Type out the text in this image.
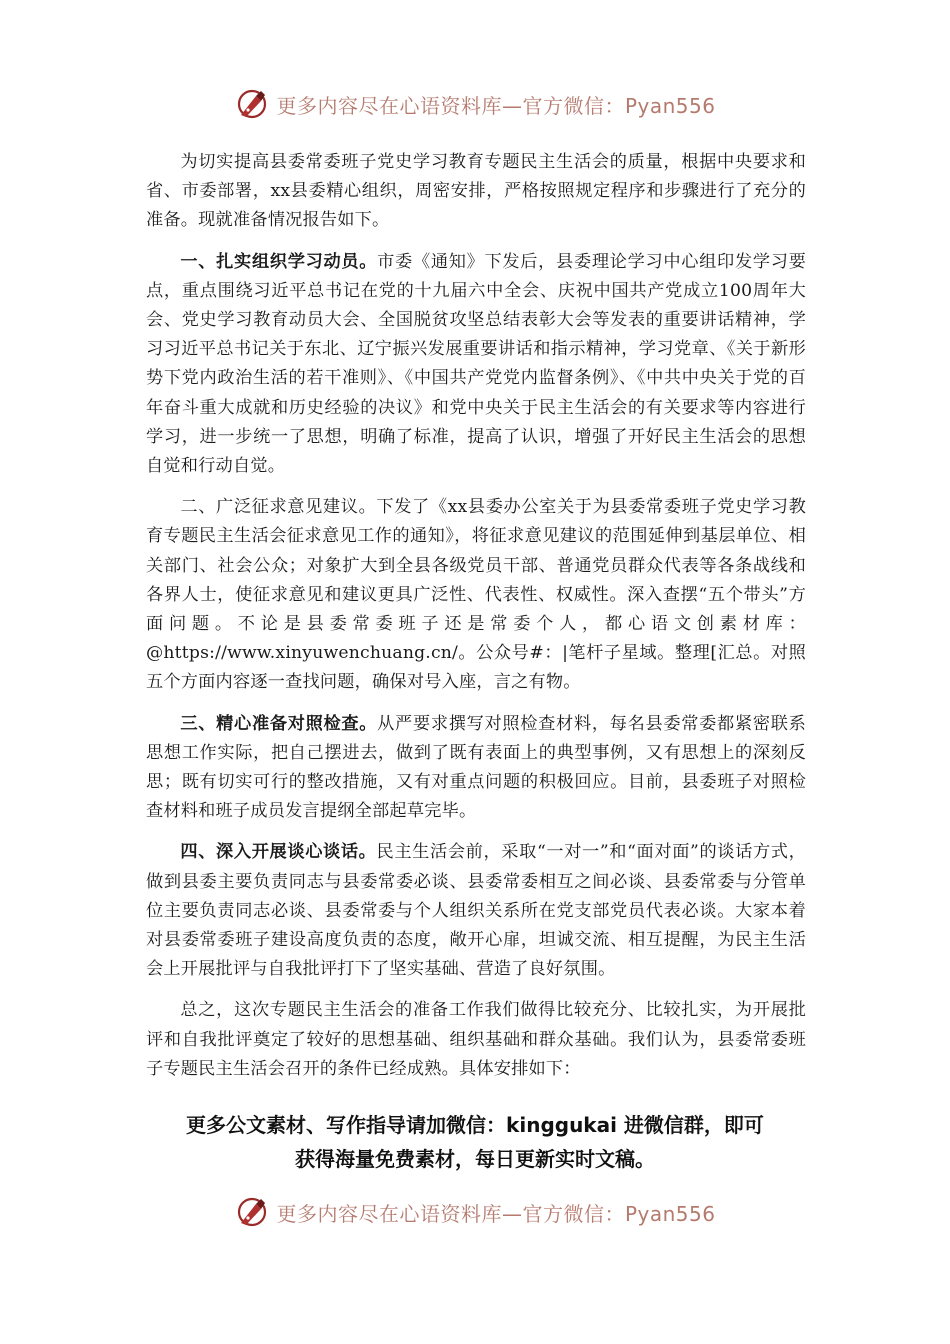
更多内容尽在心语资料库—官方微信：Pyan556

为切实提高县委常委班子党史学习教育专题民主生活会的质量，根据中央要求和省、市委部署，xx县委精心组织，周密安排，严格按照规定程序和步骤进行了充分的准备。现就准备情况报告如下。

一、扎实组织学习动员。市委《通知》下发后，县委理论学习中心组印发学习要点，重点围绕习近平总书记在党的十九届六中全会、庆祝中国共产党成立100周年大会、党史学习教育动员大会、全国脱贫攻坚总结表彰大会等发表的重要讲话精神，学习习近平总书记关于东北、辽宁振兴发展重要讲话和指示精神，学习党章、《关于新形势下党内政治生活的若干准则》、《中国共产党党内监督条例》、《中共中央关于党的百年奋斗重大成就和历史经验的决议》和党中央关于民主生活会的有关要求等内容进行学习，进一步统一了思想，明确了标准，提高了认识，增强了开好民主生活会的思想自觉和行动自觉。

二、广泛征求意见建议。下发了《xx县委办公室关于为县委常委班子党史学习教育专题民主生活会征求意见工作的通知》，将征求意见建议的范围延伸到基层单位、相关部门、社会公众；对象扩大到全县各级党员干部、普通党员群众代表等各条战线和各界人士，使征求意见和建议更具广泛性、代表性、权威性。深入查摆“五个带头”方面问题。不论是县委常委班子还是常委个人，都心语文创素材库：@https://www.xinyuwenchuang.cn/。公众号#：|笔杆子星域。整理[汇总。对照五个方面内容逐一查找问题，确保对号入座，言之有物。

三、精心准备对照检查。从严要求撰写对照检查材料，每名县委常委都紧密联系思想工作实际，把自己摆进去，做到了既有表面上的典型事例，又有思想上的深刻反思；既有切实可行的整改措施，又有对重点问题的积极回应。目前，县委班子对照检查材料和班子成员发言提纲全部起草完毕。

四、深入开展谈心谈话。民主生活会前，采取“一对一”和“面对面”的谈话方式，做到县委主要负责同志与县委常委必谈、县委常委相互之间必谈、县委常委与分管单位主要负责同志必谈、县委常委与个人组织关系所在党支部党员代表必谈。大家本着对县委常委班子建设高度负责的态度，敞开心扉，坦诚交流、相互提醒，为民主生活会上开展批评与自我批评打下了坚实基础、营造了良好氛围。

总之，这次专题民主生活会的准备工作我们做得比较充分、比较扎实，为开展批评和自我批评奠定了较好的思想基础、组织基础和群众基础。我们认为，县委常委班子专题民主生活会召开的条件已经成熟。具体安排如下：

更多公文素材、写作指导请加微信：kinggukai 进微信群，即可
获得海量免费素材，每日更新实时文稿。
更多内容尽在心语资料库—官方微信：Pyan556
